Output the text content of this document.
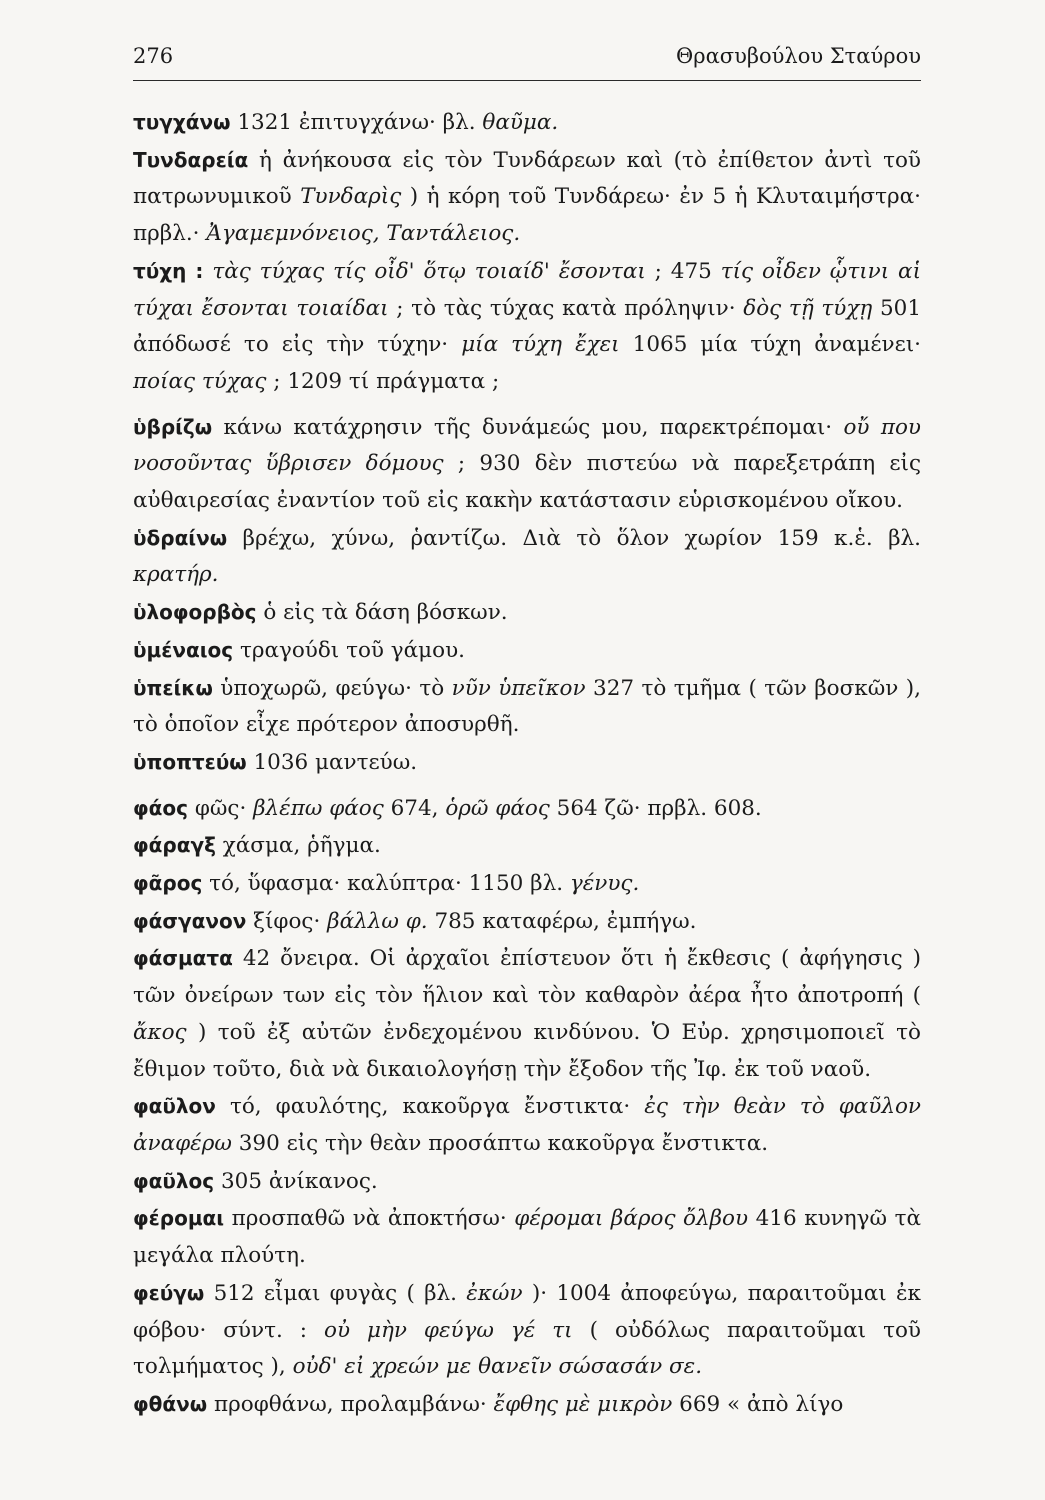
276	Θρασυβούλου Σταύρου

τυγχάνω 1321 ἐπιτυγχάνω· βλ. θαῦμα.

Τυνδαρεία ἡ ἀνήκουσα εἰς τὸν Τυνδάρεων καὶ (τὸ ἐπίθετον ἀντὶ τοῦ πατρωνυμικοῦ Τυνδαρὶς ) ἡ κόρη τοῦ Τυνδάρεω· ἐν 5 ἡ Κλυταιμήστρα· πρβλ.· Ἀγαμεμνόνειος, Ταντάλειος.

τύχη : τὰς τύχας τίς οἶδ' ὅτῳ τοιαίδ' ἔσονται ; 475 τίς οἶδεν ᾧτινι αἱ τύχαι ἔσονται τοιαίδαι ; τὸ τὰς τύχας κατὰ πρόληψιν· δὸς τῇ τύχῃ 501 ἀπόδωσέ το εἰς τὴν τύχην· μία τύχη ἔχει 1065 μία τύχη ἀναμένει· ποίας τύχας ; 1209 τί πράγματα ;

ὑβρίζω κάνω κατάχρησιν τῆς δυνάμεώς μου, παρεκτρέπομαι· οὔ που νοσοῦντας ὕβρισεν δόμους ; 930 δὲν πιστεύω νὰ παρεξετράπη εἰς αὐθαιρεσίας ἐναντίον τοῦ εἰς κακὴν κατάστασιν εὑρισκομένου οἴκου.

ὑδραίνω βρέχω, χύνω, ῥαντίζω. Διὰ τὸ ὅλον χωρίον 159 κ.ἑ. βλ. κρατήρ.

ὑλοφορβὸς ὁ εἰς τὰ δάση βόσκων.

ὑμέναιος τραγούδι τοῦ γάμου.

ὑπείκω ὑποχωρῶ, φεύγω· τὸ νῦν ὑπεῖκον 327 τὸ τμῆμα ( τῶν βοσκῶν ), τὸ ὁποῖον εἶχε πρότερον ἀποσυρθῆ.

ὑποπτεύω 1036 μαντεύω.

φάος φῶς· βλέπω φάος 674, ὁρῶ φάος 564 ζῶ· πρβλ. 608.

φάραγξ χάσμα, ῥῆγμα.

φᾶρος τό, ὕφασμα· καλύπτρα· 1150 βλ. γένυς.

φάσγανον ξίφος· βάλλω φ. 785 καταφέρω, ἐμπήγω.

φάσματα 42 ὄνειρα. Οἱ ἀρχαῖοι ἐπίστευον ὅτι ἡ ἔκθεσις ( ἀφήγησις ) τῶν ὀνείρων των εἰς τὸν ἥλιον καὶ τὸν καθαρὸν ἀέρα ἦτο ἀποτροπή ( ἄκος ) τοῦ ἐξ αὐτῶν ἐνδεχομένου κινδύνου. Ὁ Εὐρ. χρησιμοποιεῖ τὸ ἔθιμον τοῦτο, διὰ νὰ δικαιολογήσῃ τὴν ἔξοδον τῆς Ἰφ. ἐκ τοῦ ναοῦ.

φαῦλον τό, φαυλότης, κακοῦργα ἔνστικτα· ἐς τὴν θεὰν τὸ φαῦλον ἀναφέρω 390 εἰς τὴν θεὰν προσάπτω κακοῦργα ἔνστικτα.

φαῦλος 305 ἀνίκανος.

φέρομαι προσπαθῶ νὰ ἀποκτήσω· φέρομαι βάρος ὄλβου 416 κυνηγῶ τὰ μεγάλα πλούτη.

φεύγω 512 εἶμαι φυγὰς ( βλ. ἐκών )· 1004 ἀποφεύγω, παραιτοῦμαι ἐκ φόβου· σύντ. : οὐ μὴν φεύγω γέ τι ( οὐδόλως παραιτοῦμαι τοῦ τολμήματος ), οὐδ' εἰ χρεών με θανεῖν σώσασάν σε.

φθάνω προφθάνω, προλαμβάνω· ἔφθης μὲ μικρὸν 669 « ἀπὸ λίγο
